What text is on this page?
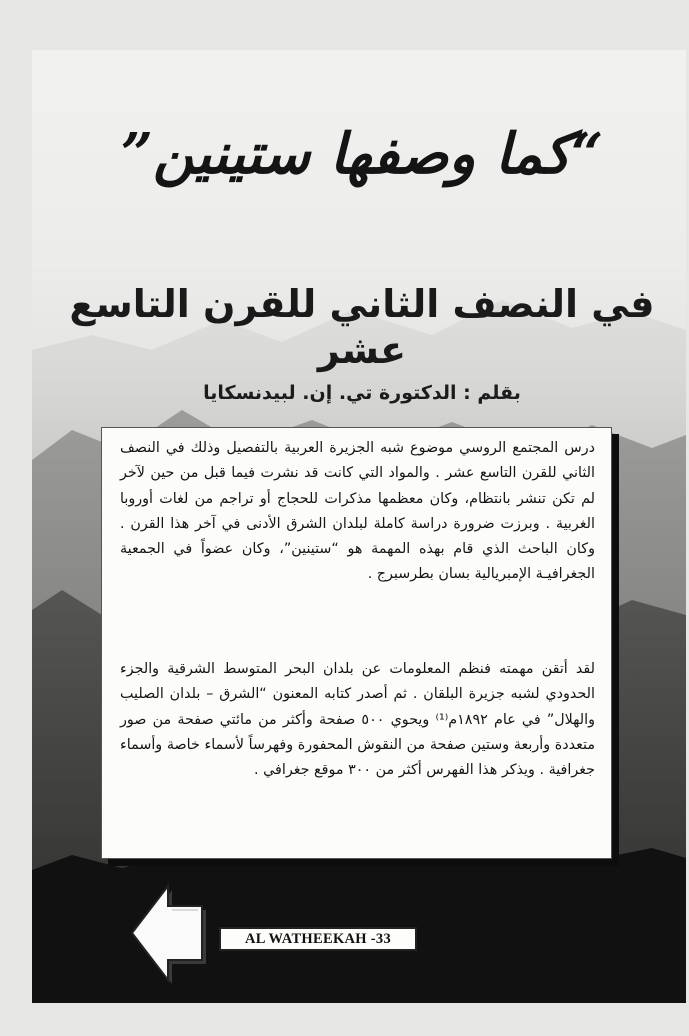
“كما وصفها ستينين”
في النصف الثاني للقرن التاسع عشر
بقلم : الدكتورة تي. إن. لبيدنسكايا

درس المجتمع الروسي موضوع شبه الجزيرة العربية بالتفصيل وذلك في النصف الثاني للقرن التاسع عشر . والمواد التي كانت قد نشرت فيما قبل من حين لآخر لم تكن تنشر بانتظام، وكان معظمها مذكرات للحجاج أو تراجم من لغات أوروبا الغربية . وبرزت ضرورة دراسة كاملة لبلدان الشرق الأدنى في آخر هذا القرن . وكان الباحث الذي قام بهذه المهمة هو “ستينين”، وكان عضواً في الجمعية الجغرافيـة الإمبريالية بسان بطرسبرج .

لقد أتقن مهمته فنظم المعلومات عن بلدان البحر المتوسط الشرقية والجزء الحدودي لشبه جزيرة البلقان . ثم أصدر كتابه المعنون “الشرق – بلدان الصليب والهلال” في عام ١٨٩٢م⁽¹⁾ ويحوي ٥٠٠ صفحة وأكثر من مائتي صفحة من صور متعددة وأربعة وستين صفحة من النقوش المحفورة وفهرساً لأسماء خاصة وأسماء جغرافية . ويذكر هذا الفهرس أكثر من ٣٠٠ موقع جغرافي .

AL WATHEEKAH -33
